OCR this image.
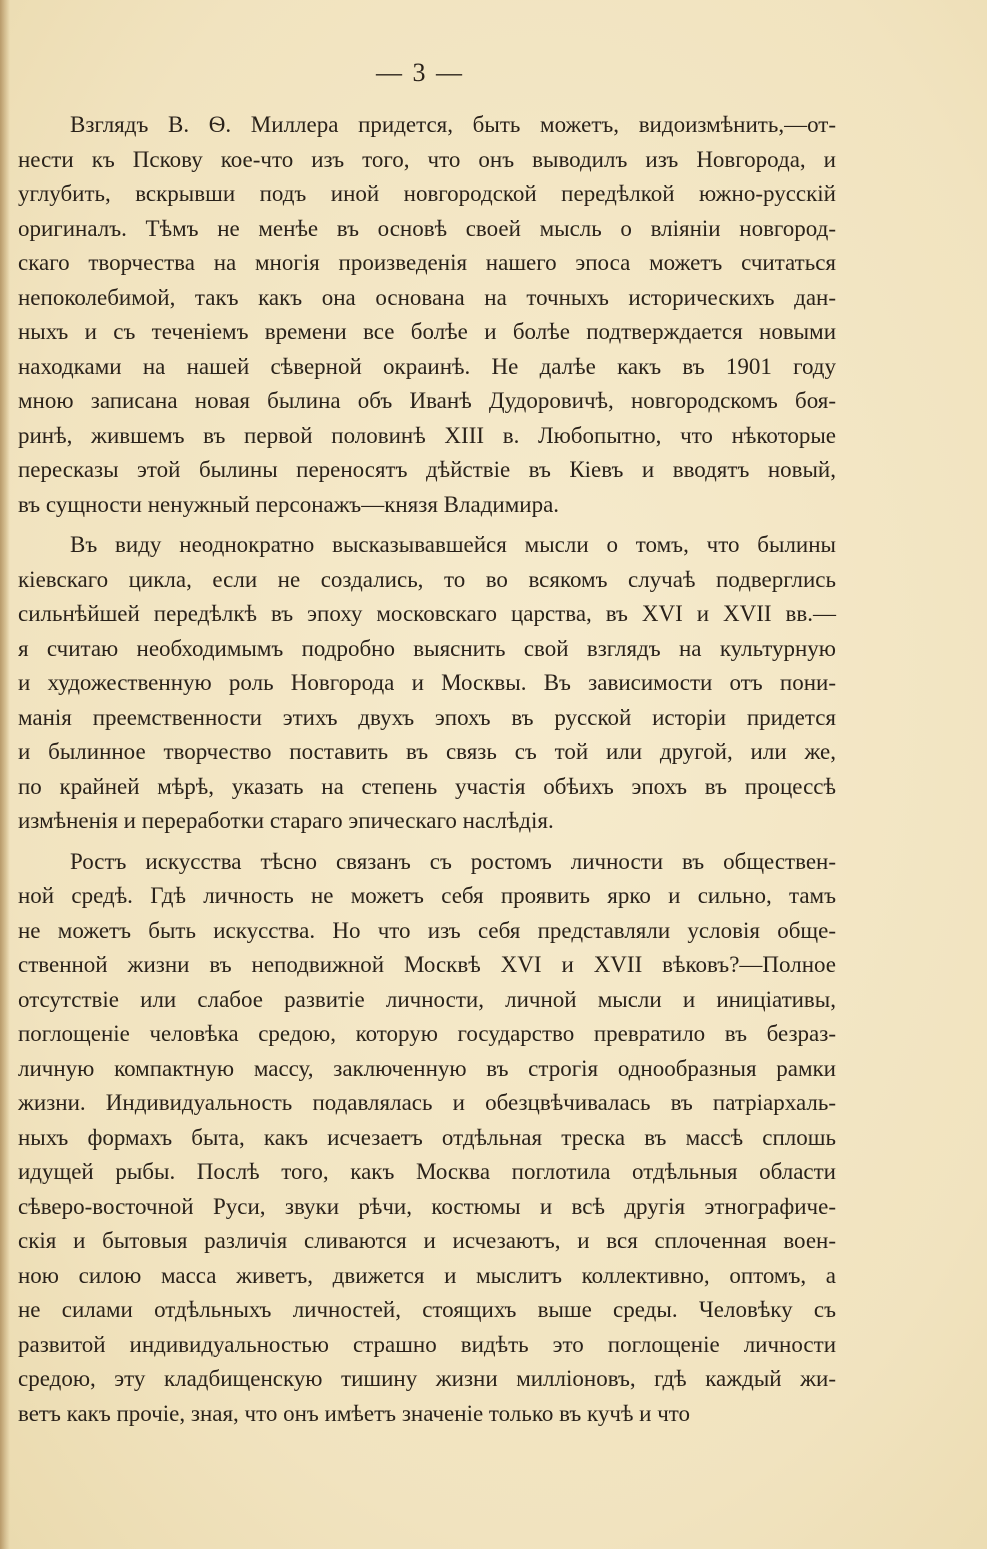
— 3 —
Взглядъ В. Ѳ. Миллера придется, быть можетъ, видоизмѣнить,—от-
нести къ Пскову кое-что изъ того, что онъ выводилъ изъ Новгорода, и
углубить, вскрывши подъ иной новгородской передѣлкой южно-русскій
оригиналъ. Тѣмъ не менѣе въ основѣ своей мысль о вліяніи новгород-
скаго творчества на многія произведенія нашего эпоса можетъ считаться
непоколебимой, такъ какъ она основана на точныхъ историческихъ дан-
ныхъ и съ теченіемъ времени все болѣе и болѣе подтверждается новыми
находками на нашей сѣверной окраинѣ. Не далѣе какъ въ 1901 году
мною записана новая былина объ Иванѣ Дудоровичѣ, новгородскомъ боя-
ринѣ, жившемъ въ первой половинѣ XIII в. Любопытно, что нѣкоторые
пересказы этой былины переносятъ дѣйствіе въ Кіевъ и вводятъ новый,
въ сущности ненужный персонажъ—князя Владимира.
Въ виду неоднократно высказывавшейся мысли о томъ, что былины
кіевскаго цикла, если не создались, то во всякомъ случаѣ подверглись
сильнѣйшей передѣлкѣ въ эпоху московскаго царства, въ XVI и XVII вв.—
я считаю необходимымъ подробно выяснить свой взглядъ на культурную
и художественную роль Новгорода и Москвы. Въ зависимости отъ пони-
манія преемственности этихъ двухъ эпохъ въ русской исторіи придется
и былинное творчество поставить въ связь съ той или другой, или же,
по крайней мѣрѣ, указать на степень участія обѣихъ эпохъ въ процессѣ
измѣненія и переработки стараго эпическаго наслѣдія.
Ростъ искусства тѣсно связанъ съ ростомъ личности въ обществен-
ной средѣ. Гдѣ личность не можетъ себя проявить ярко и сильно, тамъ
не можетъ быть искусства. Но что изъ себя представляли условія обще-
ственной жизни въ неподвижной Москвѣ XVI и XVII вѣковъ?—Полное
отсутствіе или слабое развитіе личности, личной мысли и иниціативы,
поглощеніе человѣка средою, которую государство превратило въ безраз-
личную компактную массу, заключенную въ строгія однообразныя рамки
жизни. Индивидуальность подавлялась и обезцвѣчивалась въ патріархаль-
ныхъ формахъ быта, какъ исчезаетъ отдѣльная треска въ массѣ сплошь
идущей рыбы. Послѣ того, какъ Москва поглотила отдѣльныя области
сѣверо-восточной Руси, звуки рѣчи, костюмы и всѣ другія этнографиче-
скія и бытовыя различія сливаются и исчезаютъ, и вся сплоченная воен-
ною силою масса живетъ, движется и мыслитъ коллективно, оптомъ, а
не силами отдѣльныхъ личностей, стоящихъ выше среды. Человѣку съ
развитой индивидуальностью страшно видѣть это поглощеніе личности
средою, эту кладбищенскую тишину жизни милліоновъ, гдѣ каждый жи-
ветъ какъ прочіе, зная, что онъ имѣетъ значеніе только въ кучѣ и что
